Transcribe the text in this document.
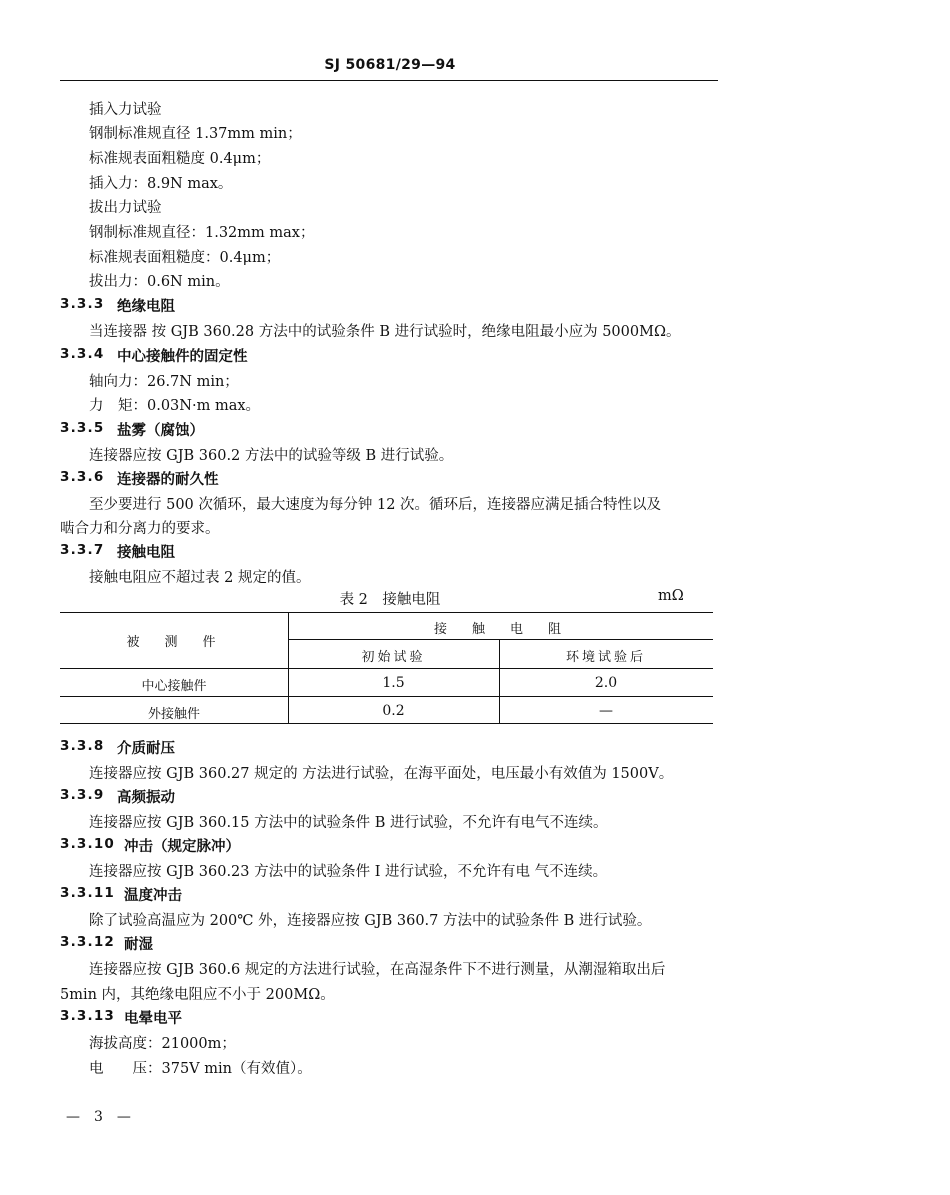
SJ 50681/29—94
插入力试验
钢制标准规直径 1.37mm min；
标准规表面粗糙度 0.4μm；
插入力：8.9N max。
拔出力试验
钢制标准规直径：1.32mm max；
标准规表面粗糙度：0.4μm；
拔出力：0.6N min。
3.3.3 绝缘电阻
当连接器 按 GJB 360.28 方法中的试验条件 B 进行试验时，绝缘电阻最小应为 5000MΩ。
3.3.4 中心接触件的固定性
轴向力：26.7N min；
力　矩：0.03N·m max。
3.3.5 盐雾（腐蚀）
连接器应按 GJB 360.2 方法中的试验等级 B 进行试验。
3.3.6 连接器的耐久性
至少要进行 500 次循环，最大速度为每分钟 12 次。循环后，连接器应满足插合特性以及
啮合力和分离力的要求。
3.3.7 接触电阻
接触电阻应不超过表 2 规定的值。
表 2　接触电阻	mΩ
被　测　件
接　触　电　阻
初始试验	环境试验后
中心接触件	1.5	2.0
外接触件	0.2	—
3.3.8 介质耐压
连接器应按 GJB 360.27 规定的 方法进行试验，在海平面处，电压最小有效值为 1500V。
3.3.9 高频振动
连接器应按 GJB 360.15 方法中的试验条件 B 进行试验，不允许有电气不连续。
3.3.10 冲击（规定脉冲）
连接器应按 GJB 360.23 方法中的试验条件 I 进行试验，不允许有电 气不连续。
3.3.11 温度冲击
除了试验高温应为 200℃ 外，连接器应按 GJB 360.7 方法中的试验条件 B 进行试验。
3.3.12 耐湿
连接器应按 GJB 360.6 规定的方法进行试验，在高湿条件下不进行测量，从潮湿箱取出后
5min 内，其绝缘电阻应不小于 200MΩ。
3.3.13 电晕电平
海拔高度：21000m；
电　　压：375V min（有效值）。
—　3　—
